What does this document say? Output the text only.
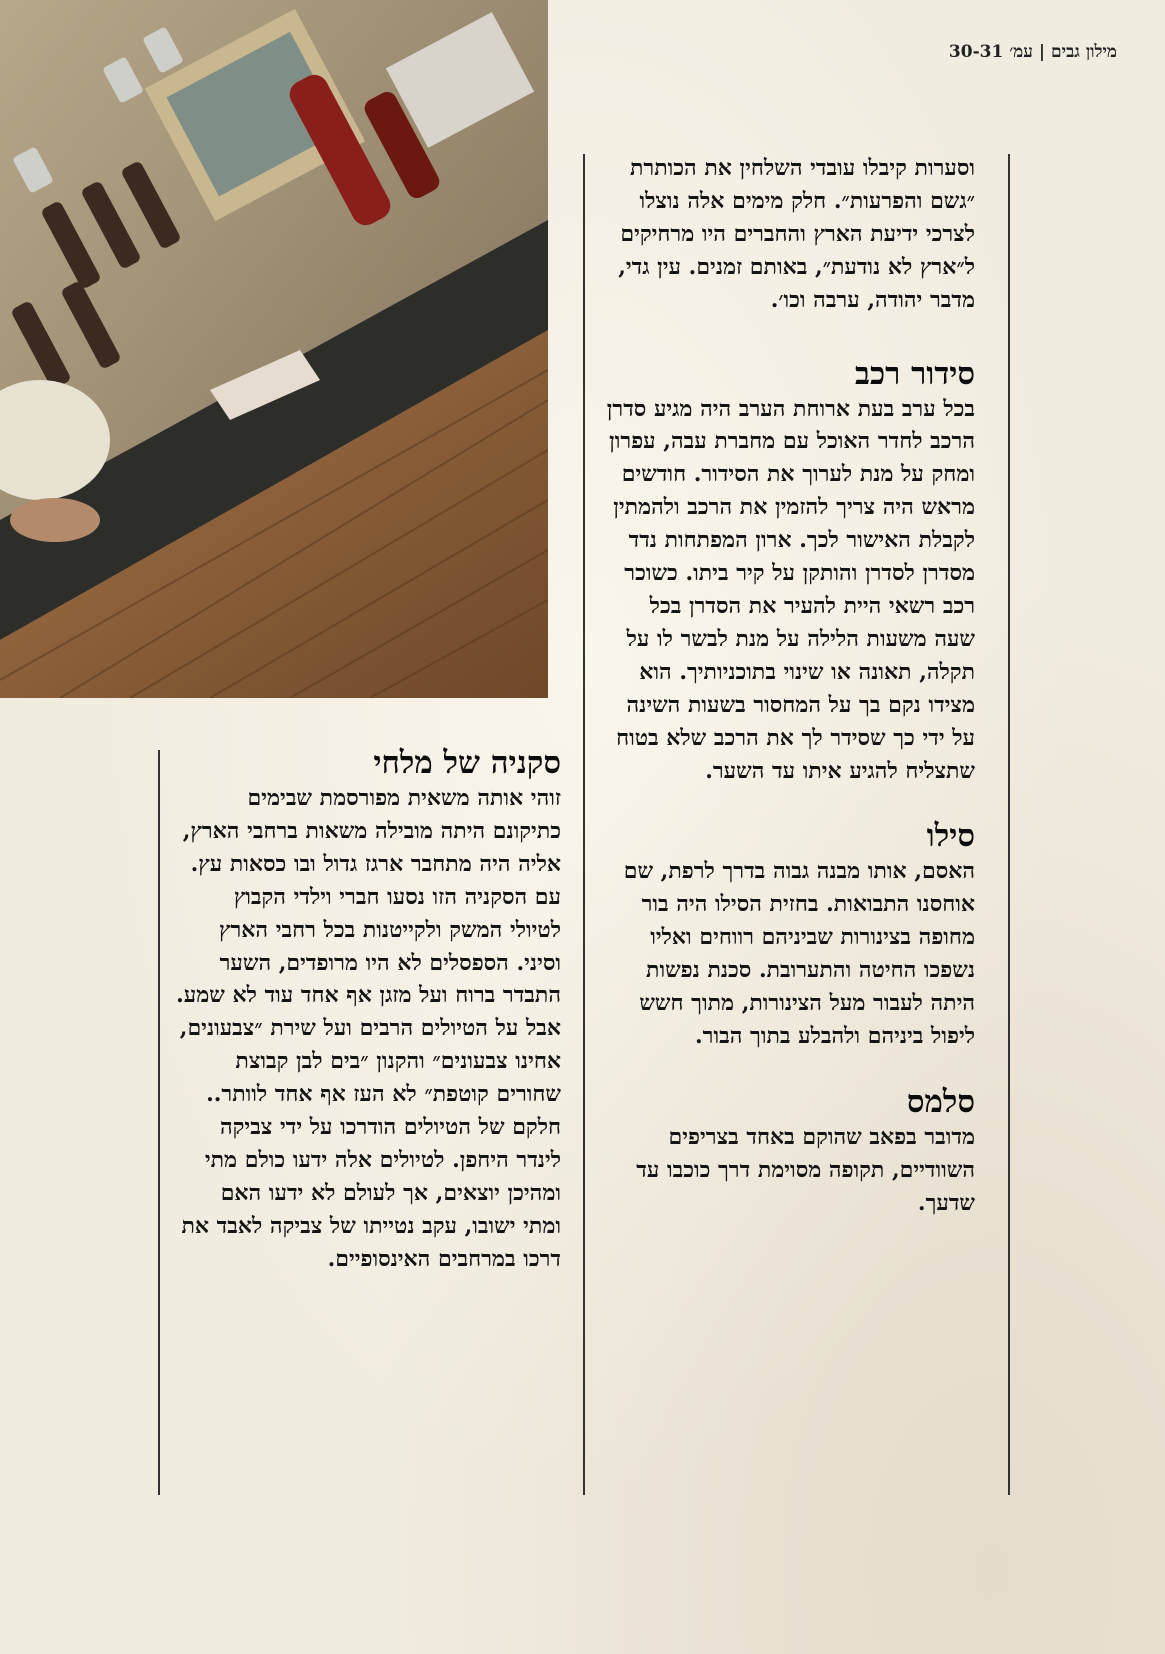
מילון גבים|עמ׳ 30-31

וסערות קיבלו עובדי השלחין את הכותרת ״גשם והפרעות״. חלק מימים אלה נוצלו לצרכי ידיעת הארץ והחברים היו מרחיקים ל״ארץ לא נודעת״, באותם זמנים. עין גדי, מדבר יהודה, ערבה וכו׳.

סידור רכב

בכל ערב בעת ארוחת הערב היה מגיע סדרן הרכב לחדר האוכל עם מחברת עבה, עפרון ומחק על מנת לערוך את הסידור. חודשים מראש היה צריך להזמין את הרכב ולהמתין לקבלת האישור לכך. ארון המפתחות נדד מסדרן לסדרן והותקן על קיר ביתו. כשוכר רכב רשאי היית להעיר את הסדרן בכל שעה משעות הלילה על מנת לבשר לו על תקלה, תאונה או שינוי בתוכניותיך. הוא מצידו נקם בך על המחסור בשעות השינה על ידי כך שסידר לך את הרכב שלא בטוח שתצליח להגיע איתו עד השער.

סילו

האסם, אותו מבנה גבוה בדרך לרפת, שם אוחסנו התבואות. בחזית הסילו היה בור מחופה בצינורות שביניהם רווחים ואליו נשפכו החיטה והתערובת. סכנת נפשות היתה לעבור מעל הצינורות, מתוך חשש ליפול ביניהם ולהבלע בתוך הבור.

סלמס

מדובר בפאב שהוקם באחד בצריפים השוודיים, תקופה מסוימת דרך כוכבו עד שדעך.

סקניה של מלחי

זוהי אותה משאית מפורסמת שבימים כתיקונם היתה מובילה משאות ברחבי הארץ, אליה היה מתחבר ארגז גדול ובו כסאות עץ. עם הסקניה הזו נסעו חברי וילדי הקבוץ לטיולי המשק ולקייטנות בכל רחבי הארץ וסיני. הספסלים לא היו מרופדים, השער התבדר ברוח ועל מזגן אף אחד עוד לא שמע. אבל על הטיולים הרבים ועל שירת ״צבעונים, אחינו צבעונים״ והקנון ״בים לבן קבוצת שחורים קוטפת״ לא העז אף אחד לוותר..

חלקם של הטיולים הודרכו על ידי צביקה לינדר היחפן. לטיולים אלה ידעו כולם מתי ומהיכן יוצאים, אך לעולם לא ידעו האם ומתי ישובו, עקב נטייתו של צביקה לאבד את דרכו במרחבים האינסופיים.
